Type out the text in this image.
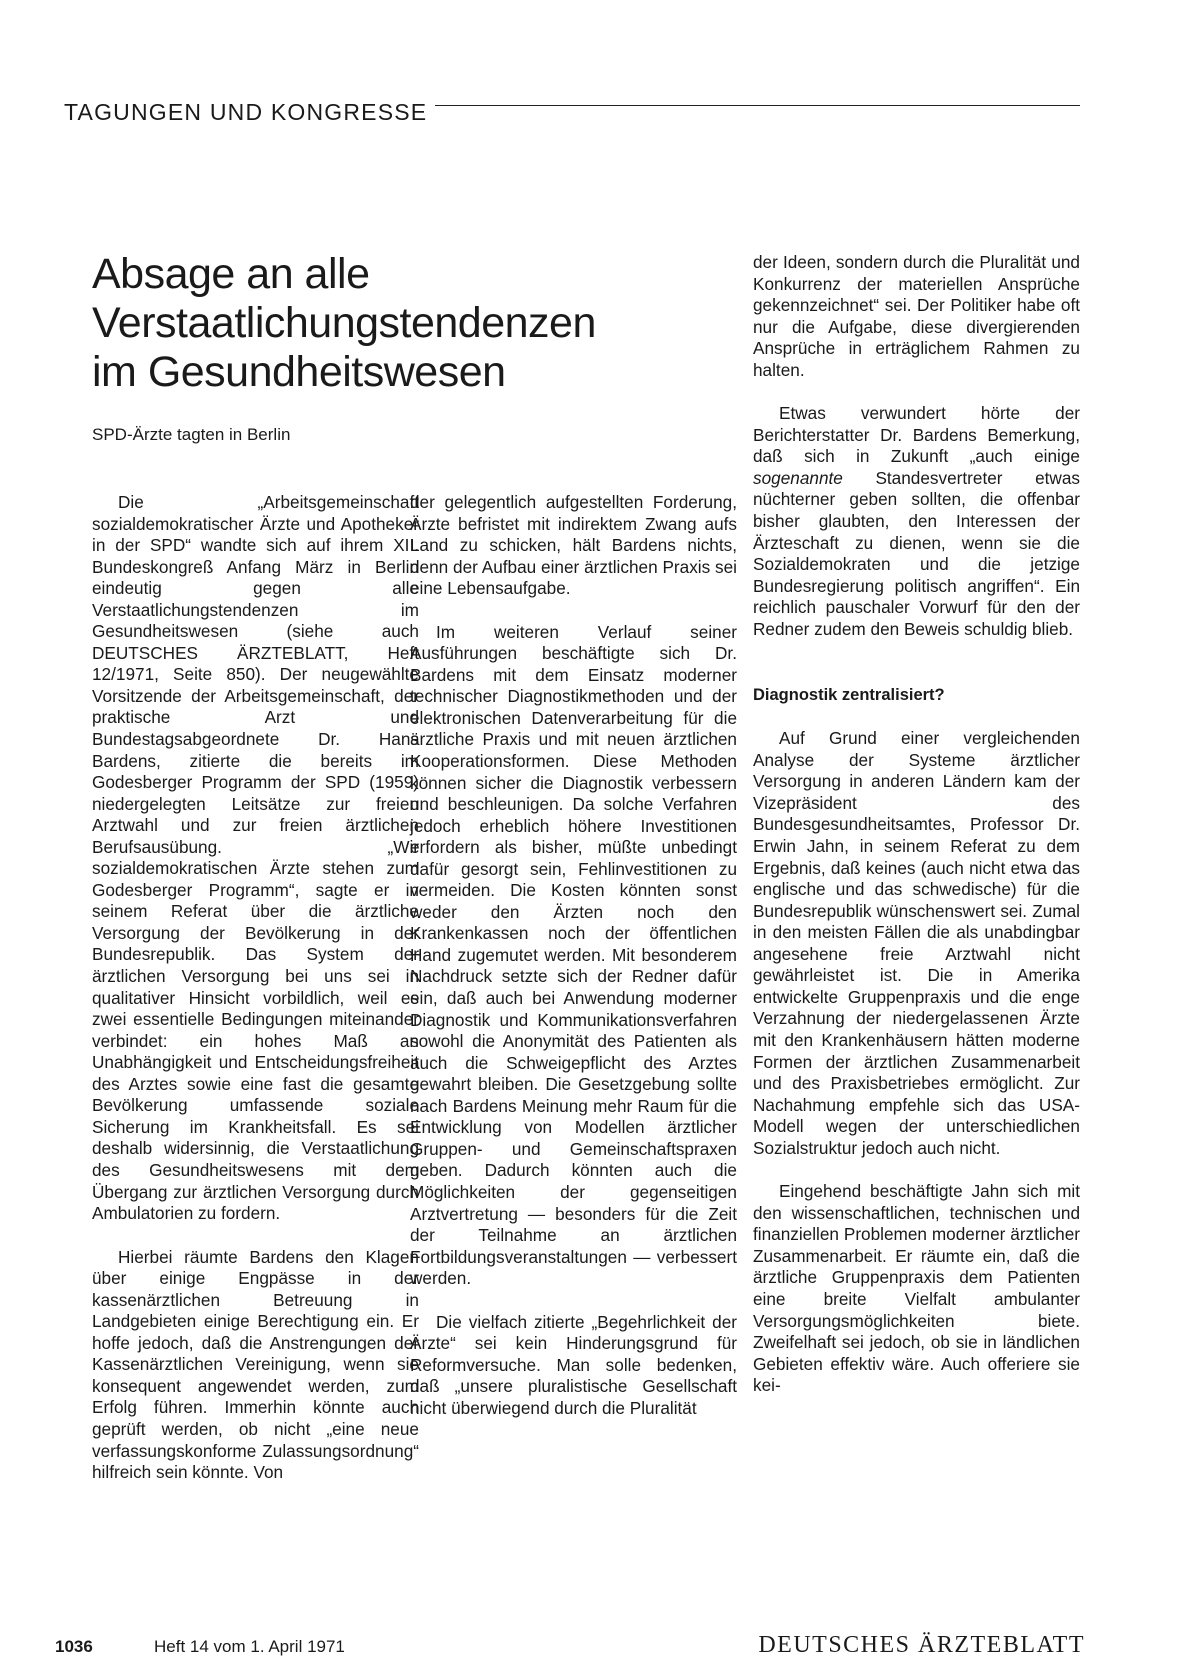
TAGUNGEN UND KONGRESSE
Absage an alle
Verstaatlichungstendenzen
im Gesundheitswesen

SPD-Ärzte tagten in Berlin

Die „Arbeitsgemeinschaft sozialdemokratischer Ärzte und Apotheker in der SPD“ wandte sich auf ihrem XII. Bundeskongreß Anfang März in Berlin eindeutig gegen alle Verstaatlichungstendenzen im Gesundheitswesen (siehe auch DEUTSCHES ÄRZTEBLATT, Heft 12/1971, Seite 850). Der neugewählte Vorsitzende der Arbeitsgemeinschaft, der praktische Arzt und Bundestagsabgeordnete Dr. Hans Bardens, zitierte die bereits im Godesberger Programm der SPD (1959) niedergelegten Leitsätze zur freien Arztwahl und zur freien ärztlichen Berufsausübung. „Wir sozialdemokratischen Ärzte stehen zum Godesberger Programm“, sagte er in seinem Referat über die ärztliche Versorgung der Bevölkerung in der Bundesrepublik. Das System der ärztlichen Versorgung bei uns sei in qualitativer Hinsicht vorbildlich, weil es zwei essentielle Bedingungen miteinander verbindet: ein hohes Maß an Unabhängigkeit und Entscheidungsfreiheit des Arztes sowie eine fast die gesamte Bevölkerung umfassende soziale Sicherung im Krankheitsfall. Es sei deshalb widersinnig, die Verstaatlichung des Gesundheitswesens mit dem Übergang zur ärztlichen Versorgung durch Ambulatorien zu fordern.

Hierbei räumte Bardens den Klagen über einige Engpässe in der kassenärztlichen Betreuung in Landgebieten einige Berechtigung ein. Er hoffe jedoch, daß die Anstrengungen der Kassenärztlichen Vereinigung, wenn sie konsequent angewendet werden, zum Erfolg führen. Immerhin könnte auch geprüft werden, ob nicht „eine neue verfassungskonforme Zulassungsordnung“ hilfreich sein könnte. Von

der gelegentlich aufgestellten Forderung, Ärzte befristet mit indirektem Zwang aufs Land zu schicken, hält Bardens nichts, denn der Aufbau einer ärztlichen Praxis sei eine Lebensaufgabe.

Im weiteren Verlauf seiner Ausführungen beschäftigte sich Dr. Bardens mit dem Einsatz moderner technischer Diagnostikmethoden und der elektronischen Datenverarbeitung für die ärztliche Praxis und mit neuen ärztlichen Kooperationsformen. Diese Methoden können sicher die Diagnostik verbessern und beschleunigen. Da solche Verfahren jedoch erheblich höhere Investitionen erfordern als bisher, müßte unbedingt dafür gesorgt sein, Fehlinvestitionen zu vermeiden. Die Kosten könnten sonst weder den Ärzten noch den Krankenkassen noch der öffentlichen Hand zugemutet werden. Mit besonderem Nachdruck setzte sich der Redner dafür ein, daß auch bei Anwendung moderner Diagnostik und Kommunikationsverfahren sowohl die Anonymität des Patienten als auch die Schweigepflicht des Arztes gewahrt bleiben. Die Gesetzgebung sollte nach Bardens Meinung mehr Raum für die Entwicklung von Modellen ärztlicher Gruppen- und Gemeinschaftspraxen geben. Dadurch könnten auch die Möglichkeiten der gegenseitigen Arztvertretung — besonders für die Zeit der Teilnahme an ärztlichen Fortbildungsveranstaltungen — verbessert werden.

Die vielfach zitierte „Begehrlichkeit der Ärzte“ sei kein Hinderungsgrund für Reformversuche. Man solle bedenken, daß „unsere pluralistische Gesellschaft nicht überwiegend durch die Pluralität

der Ideen, sondern durch die Pluralität und Konkurrenz der materiellen Ansprüche gekennzeichnet“ sei. Der Politiker habe oft nur die Aufgabe, diese divergierenden Ansprüche in erträglichem Rahmen zu halten.

Etwas verwundert hörte der Berichterstatter Dr. Bardens Bemerkung, daß sich in Zukunft „auch einige sogenannte Standesvertreter etwas nüchterner geben sollten, die offenbar bisher glaubten, den Interessen der Ärzteschaft zu dienen, wenn sie die Sozialdemokraten und die jetzige Bundesregierung politisch angriffen“. Ein reichlich pauschaler Vorwurf für den der Redner zudem den Beweis schuldig blieb.

Diagnostik zentralisiert?

Auf Grund einer vergleichenden Analyse der Systeme ärztlicher Versorgung in anderen Ländern kam der Vizepräsident des Bundesgesundheitsamtes, Professor Dr. Erwin Jahn, in seinem Referat zu dem Ergebnis, daß keines (auch nicht etwa das englische und das schwedische) für die Bundesrepublik wünschenswert sei. Zumal in den meisten Fällen die als unabdingbar angesehene freie Arztwahl nicht gewährleistet ist. Die in Amerika entwickelte Gruppenpraxis und die enge Verzahnung der niedergelassenen Ärzte mit den Krankenhäusern hätten moderne Formen der ärztlichen Zusammenarbeit und des Praxisbetriebes ermöglicht. Zur Nachahmung empfehle sich das USA-Modell wegen der unterschiedlichen Sozialstruktur jedoch auch nicht.

Eingehend beschäftigte Jahn sich mit den wissenschaftlichen, technischen und finanziellen Problemen moderner ärztlicher Zusammenarbeit. Er räumte ein, daß die ärztliche Gruppenpraxis dem Patienten eine breite Vielfalt ambulanter Versorgungsmöglichkeiten biete. Zweifelhaft sei jedoch, ob sie in ländlichen Gebieten effektiv wäre. Auch offeriere sie kei-

1036	Heft 14 vom 1. April 1971	DEUTSCHES ÄRZTEBLATT
